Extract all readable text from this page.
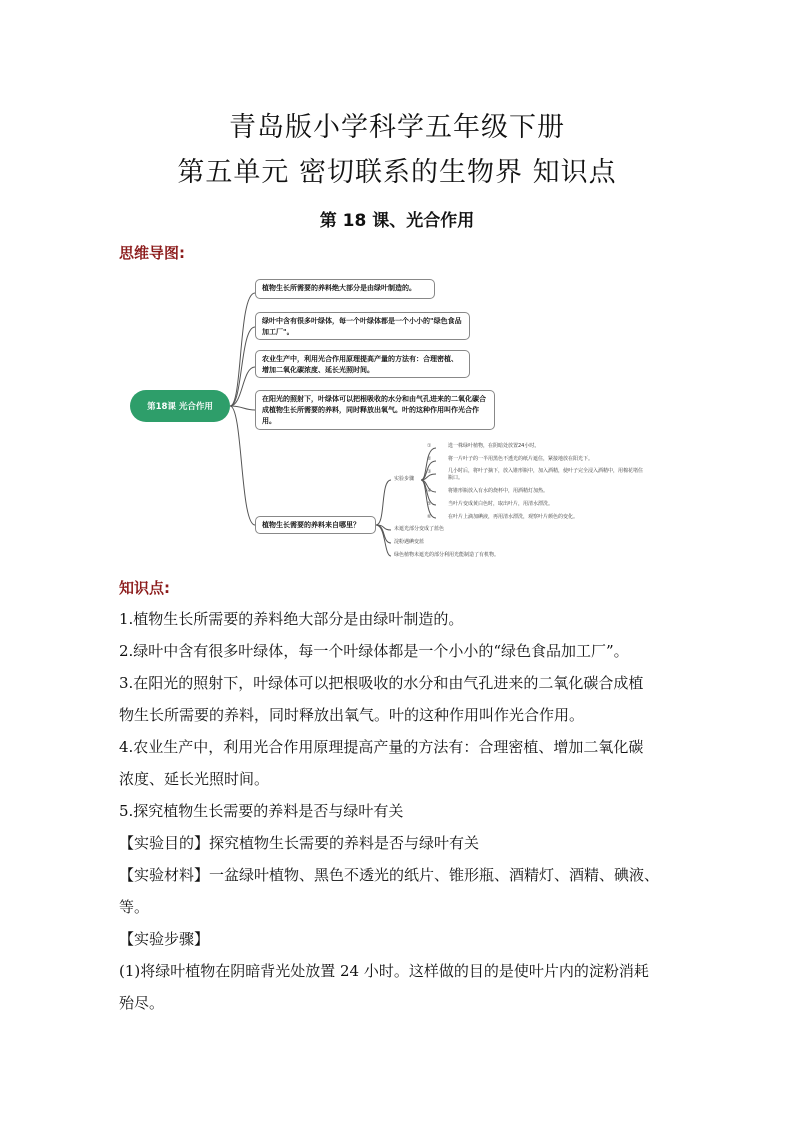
青岛版小学科学五年级下册
第五单元 密切联系的生物界 知识点
第 18 课、光合作用
思维导图:
第18课 光合作用
植物生长所需要的养料绝大部分是由绿叶制造的。
绿叶中含有很多叶绿体，每一个叶绿体都是一个小小的"绿色食品加工厂"。
农业生产中，利用光合作用原理提高产量的方法有：合理密植、增加二氧化碳浓度、延长光照时间。
在阳光的照射下，叶绿体可以把根吸收的水分和由气孔进来的二氧化碳合成植物生长所需要的养料，同时释放出氧气。叶的这种作用叫作光合作用。
植物生长需要的养料来自哪里？
实验步骤
①	选一株绿叶植物，在阴暗处放置24小时。
②	将一片叶子的一半用黑色不透光的纸片遮住，紧接地放在阳光下。
③	几小时后，将叶子摘下，放入锥形瓶中，加入酒精，使叶子完全浸入酒精中，用棉花堵住瓶口。
④	将锥形瓶放入有水的烧杯中，用酒精灯加热。
⑤	当叶片变成黄白色时，取出叶片，用清水漂洗。
⑥	在叶片上滴加碘液，再用清水漂洗，观察叶片颜色的变化。
未遮光部分变成了蓝色
淀粉遇碘变蓝
绿色植物未遮光的部分利用光能制造了有机物。
知识点:

1.植物生长所需要的养料绝大部分是由绿叶制造的。

2.绿叶中含有很多叶绿体，每一个叶绿体都是一个小小的“绿色食品加工厂”。

3.在阳光的照射下，叶绿体可以把根吸收的水分和由气孔进来的二氧化碳合成植

物生长所需要的养料，同时释放出氧气。叶的这种作用叫作光合作用。

4.农业生产中，利用光合作用原理提高产量的方法有：合理密植、增加二氧化碳

浓度、延长光照时间。

5.探究植物生长需要的养料是否与绿叶有关

【实验目的】探究植物生长需要的养料是否与绿叶有关

【实验材料】一盆绿叶植物、黑色不透光的纸片、锥形瓶、酒精灯、酒精、碘液、

等。

【实验步骤】

(1)将绿叶植物在阴暗背光处放置 24 小时。这样做的目的是使叶片内的淀粉消耗

殆尽。
